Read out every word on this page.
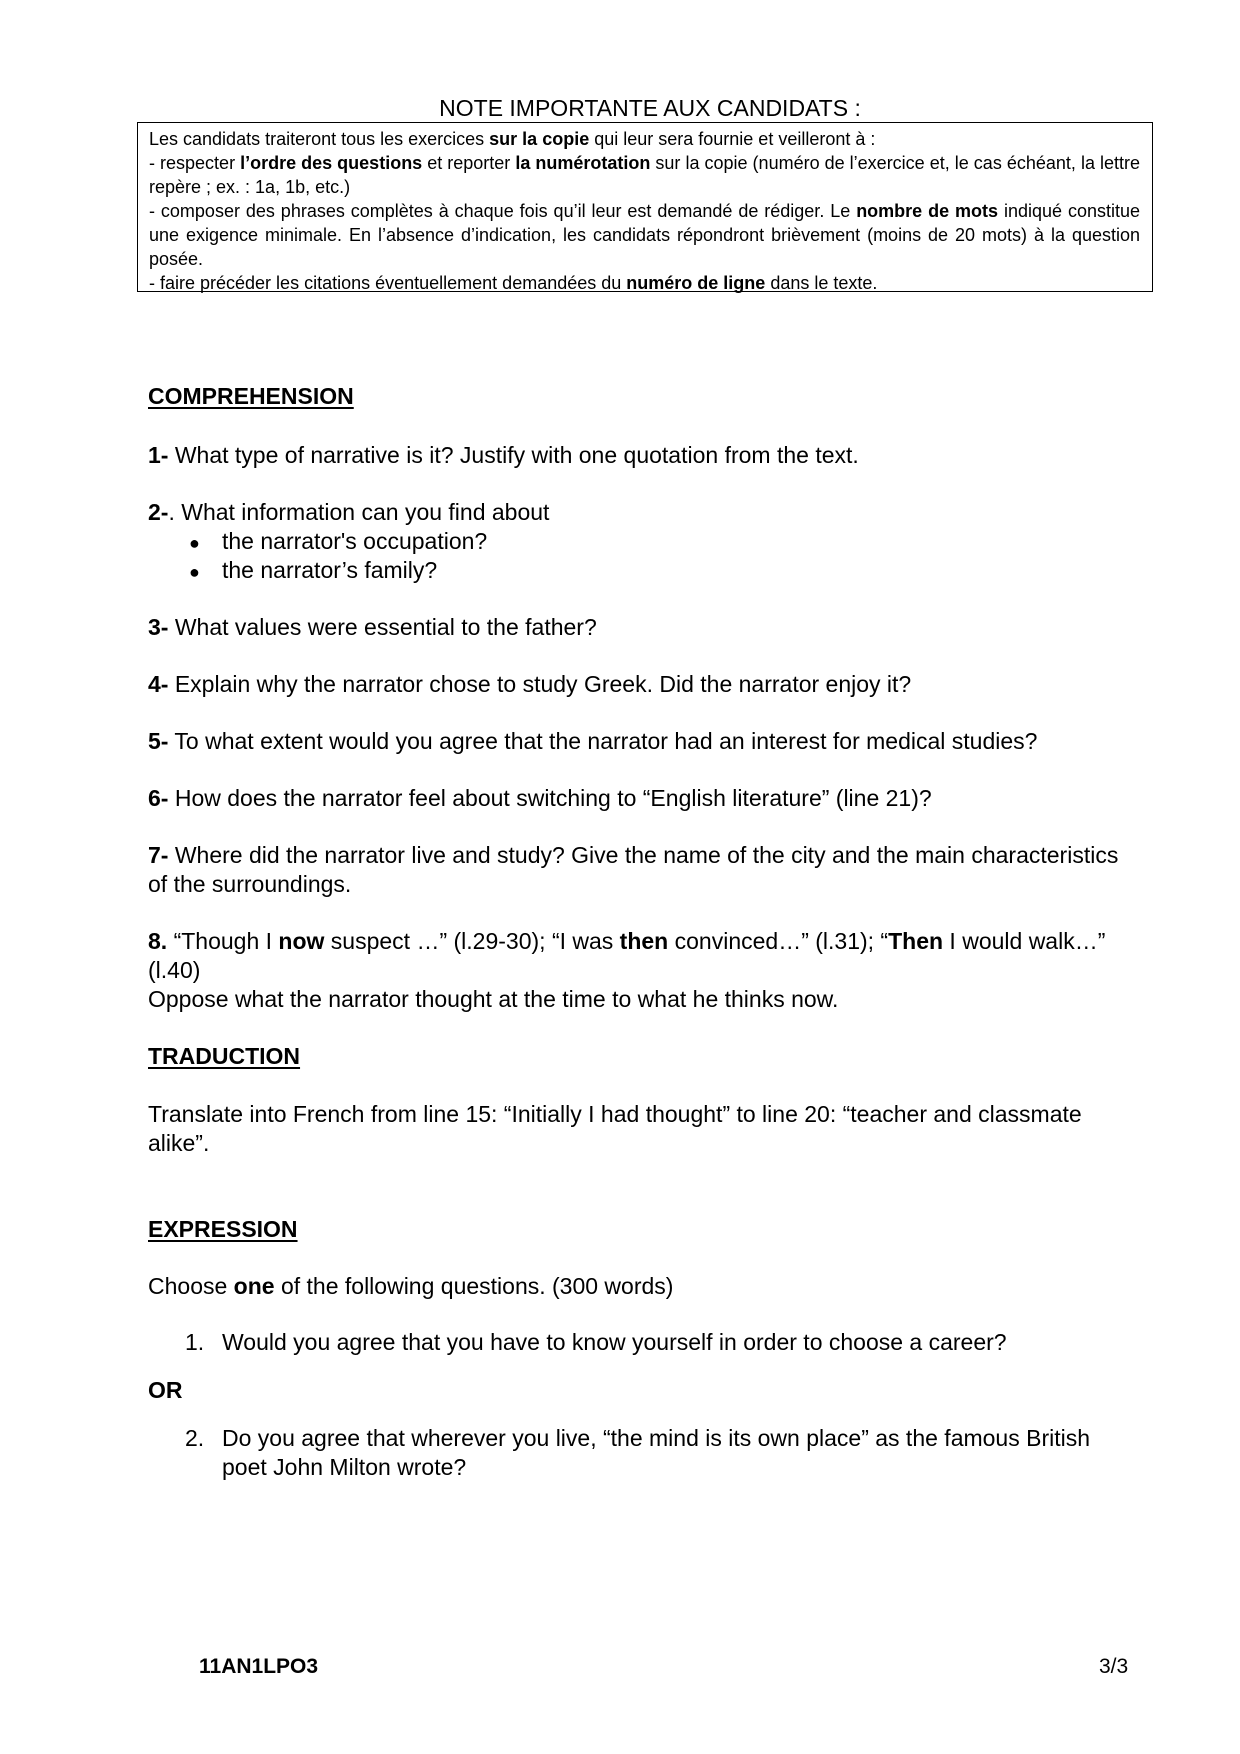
NOTE IMPORTANTE AUX CANDIDATS :

Les candidats traiteront tous les exercices sur la copie qui leur sera fournie et veilleront à :

- respecter l’ordre des questions et reporter la numérotation sur la copie (numéro de l’exercice et, le cas échéant, la lettre repère ; ex. : 1a, 1b, etc.)

- composer des phrases complètes à chaque fois qu’il leur est demandé de rédiger. Le nombre de mots indiqué constitue une exigence minimale. En l’absence d’indication, les candidats répondront brièvement (moins de 20 mots) à la question posée.

- faire précéder les citations éventuellement demandées du numéro de ligne dans le texte.

COMPREHENSION
1- What type of narrative is it? Justify with one quotation from the text.
2-. What information can you find about
● the narrator's occupation?
● the narrator’s family?
3- What values were essential to the father?
4- Explain why the narrator chose to study Greek. Did the narrator enjoy it?
5- To what extent would you agree that the narrator had an interest for medical studies?
6- How does the narrator feel about switching to “English literature” (line 21)?
7- Where did the narrator live and study? Give the name of the city and the main characteristics of the surroundings.
8. “Though I now suspect …” (l.29-30); “I was then convinced…” (l.31); “Then I would walk…” (l.40)
Oppose what the narrator thought at the time to what he thinks now.
TRADUCTION
Translate into French from line 15: “Initially I had thought” to line 20: “teacher and classmate alike”.
EXPRESSION
Choose one of the following questions. (300 words)
1. Would you agree that you have to know yourself in order to choose a career?
OR
2. Do you agree that wherever you live, “the mind is its own place” as the famous British poet John Milton wrote?
11AN1LPO3	3/3
